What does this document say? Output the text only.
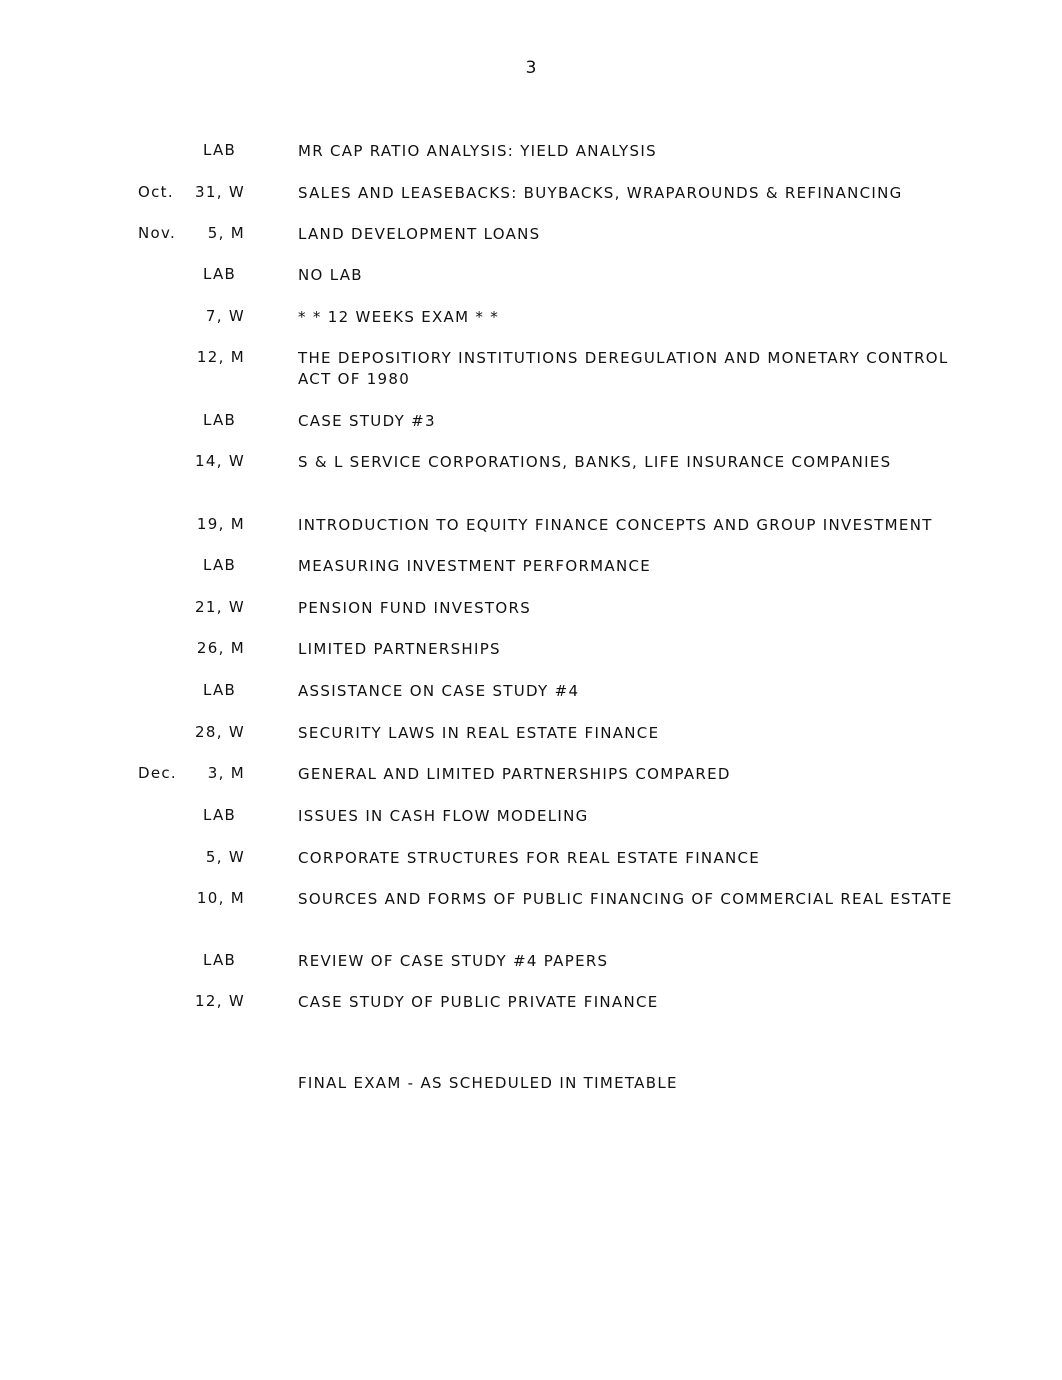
3
LAB	MR CAP RATIO ANALYSIS: YIELD ANALYSIS
Oct.	31, W	SALES AND LEASEBACKS: BUYBACKS, WRAPAROUNDS & REFINANCING
Nov.	5, M	LAND DEVELOPMENT LOANS
LAB	NO LAB
7, W	* * 12 WEEKS EXAM * *
12, M	THE DEPOSITIORY INSTITUTIONS DEREGULATION AND MONETARY CONTROL ACT OF 1980
LAB	CASE STUDY #3
14, W	S & L SERVICE CORPORATIONS, BANKS, LIFE INSURANCE COMPANIES
19, M	INTRODUCTION TO EQUITY FINANCE CONCEPTS AND GROUP INVESTMENT
LAB	MEASURING INVESTMENT PERFORMANCE
21, W	PENSION FUND INVESTORS
26, M	LIMITED PARTNERSHIPS
LAB	ASSISTANCE ON CASE STUDY #4
28, W	SECURITY LAWS IN REAL ESTATE FINANCE
Dec.	3, M	GENERAL AND LIMITED PARTNERSHIPS COMPARED
LAB	ISSUES IN CASH FLOW MODELING
5, W	CORPORATE STRUCTURES FOR REAL ESTATE FINANCE
10, M	SOURCES AND FORMS OF PUBLIC FINANCING OF COMMERCIAL REAL ESTATE
LAB	REVIEW OF CASE STUDY #4 PAPERS
12, W	CASE STUDY OF PUBLIC PRIVATE FINANCE
FINAL EXAM - AS SCHEDULED IN TIMETABLE
